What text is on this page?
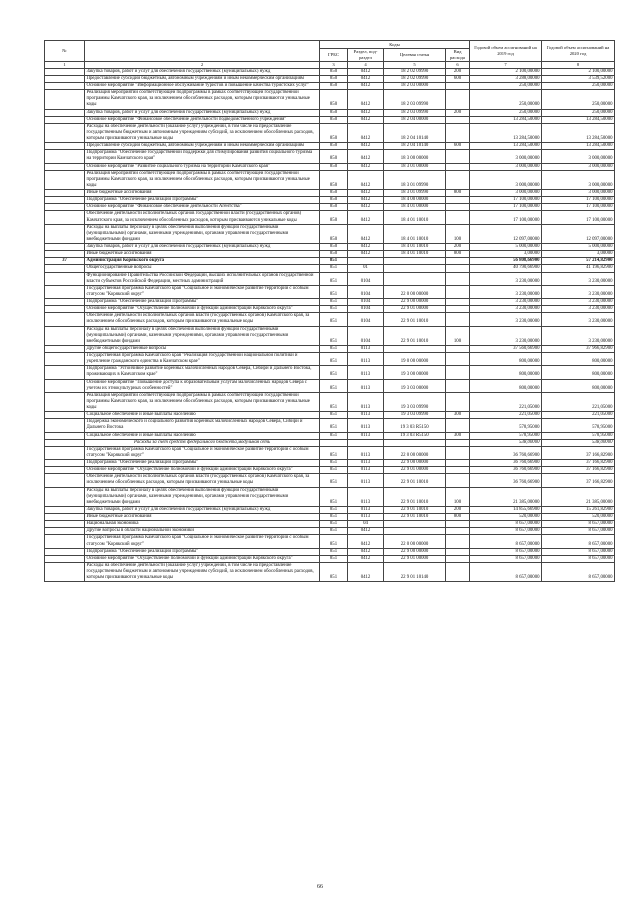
№		Коды				Годовой объем ассигнований на 2019 год	Годовой объем ассигнований на 2020 год
		ГРБС	Раздел, под-раздел	Целевая статья	Вид расхода		
1	2	3	4	5	6	7	8
	Закупка товаров, работ и услуг для обеспечения государственных (муниципальных) нужд	850	0412	18 2 02 09990	200	2 100,00000	2 100,00000
	Предоставление субсидий бюджетным, автономным учреждениям и иным некоммерческим организациям	850	0412	18 2 02 09990	600	3 288,00000	3 539,52000
	Основное мероприятие "Информационное обслуживание туристов и повышение качества туристских услуг"	850	0412	18 2 03 00000		250,00000	250,00000
	Реализация мероприятий соответствующей подпрограммы в рамках соответствующей государственной программы Камчатского края, за исключением обособленных расходов, которым присваиваются уникальные коды	850	0412	18 2 03 09990		250,00000	250,00000
	Закупка товаров, работ и услуг для обеспечения государственных (муниципальных) нужд	850	0412	18 2 03 09990	200	250,00000	250,00000
	Основное мероприятие "Финансовое обеспечение деятельности подведомственного учреждения"	850	0412	18 2 04 00000		13 284,50000	13 284,50000
	Расходы на обеспечение деятельности (оказание услуг) учреждений, в том числе на предоставление государственным бюджетным и автономным учреждениям субсидий, за исключением обособленных расходов, которым присваиваются уникальные коды	850	0412	18 2 04 10140		13 284,50000	13 284,50000
	Предоставление субсидий бюджетным, автономным учреждениям и иным некоммерческим организациям	850	0412	18 2 04 10140	600	13 284,50000	13 284,50000
	Подпрограмма "Обеспечение государственной поддержки для стимулирования развития социального туризма на территории Камчатского края"	850	0412	18 3 00 00000		3 000,00000	3 000,00000
	Основное мероприятие "Развитие социального туризма на территории Камчатского края"	850	0412	18 3 01 00000		3 000,00000	3 000,00000
	Реализация мероприятий соответствующей подпрограммы в рамках соответствующей государственной программы Камчатского края, за исключением обособленных расходов, которым присваиваются уникальные коды	850	0412	18 3 01 09990		3 000,00000	3 000,00000
	Иные бюджетные ассигнования	850	0412	18 3 01 09990	800	3 000,00000	3 000,00000
	Подпрограмма "Обеспечение реализации Программы"	850	0412	18 4 00 00000		17 100,00000	17 100,00000
	Основное мероприятие "Финансовое обеспечение деятельности Агентства"	850	0412	18 4 01 00000		17 100,00000	17 100,00000
	Обеспечение деятельности исполнительных органов государственной власти (государственных органов) Камчатского края, за исключением обособленных расходов, которым присваиваются уникальные коды	850	0412	18 4 01 10010		17 100,00000	17 100,00000
	Расходы на выплаты персоналу в целях обеспечения выполнения функций государственными (муниципальными) органами, казенными учреждениями, органами управления государственными внебюджетными фондами	850	0412	18 4 01 10010	100	12 097,00000	12 097,00000
	Закупка товаров, работ и услуг для обеспечения государственных (муниципальных) нужд	850	0412	18 4 01 10010	200	5 000,00000	5 000,00000
	Иные бюджетные ассигнования	850	0412	18 4 01 10010	800	3,00000	3,00000
37	Администрация Корякского округа	851				56 808,66900	57 214,82900
	Общегосударственные вопросы	851	01			40 790,66900	41 196,82900
	Функционирование Правительства Российской Федерации, высших исполнительных органов государственной власти субъектов Российской Федерации, местных администраций	851	0104			3 230,00000	3 230,00000
	Государственная программа Камчатского края "Социальное и экономическое развитие территории с особым статусом "Корякский округ"	851	0104	22 0 00 00000		3 230,00000	3 230,00000
	Подпрограмма "Обеспечение реализации Программы"	851	0104	22 9 00 00000		3 230,00000	3 230,00000
	Основное мероприятие "Осуществление полномочий и функций администрации Корякского округа"	851	0104	22 9 01 00000		3 230,00000	3 230,00000
	Обеспечение деятельности исполнительных органов власти (государственных органов) Камчатского края, за исключением обособленных расходов, которым присваиваются уникальные коды	851	0104	22 9 01 10010		3 230,00000	3 230,00000
	Расходы на выплаты персоналу в целях обеспечения выполнения функций государственными (муниципальными) органами, казенными учреждениями, органами управления государственными внебюджетными фондами	851	0104	22 9 01 10010	100	3 230,00000	3 230,00000
	Другие общегосударственные вопросы	851	0113			37 560,66900	37 966,82900
	Государственная программа Камчатского края "Реализация государственной национальной политики и укрепление гражданского единства в Камчатском крае"	851	0113	19 0 00 00000		800,00000	800,00000
	Подпрограмма "Устойчивое развитие коренных малочисленных народов Севера, Сибири и Дальнего Востока, проживающих в Камчатском крае"	851	0113	19 3 00 00000		800,00000	800,00000
	Основное мероприятие "Повышение доступа к образовательным услугам малочисленных народов Севера с учетом их этнокультурных особенностей"	851	0113	19 3 03 00000		800,00000	800,00000
	Реализация мероприятий соответствующей подпрограммы в рамках соответствующей государственной программы Камчатского края, за исключением обособленных расходов, которым присваиваются уникальные коды	851	0113	19 3 03 09990		221,05000	221,05000
	Социальное обеспечение и иные выплаты населению	851	0113	19 3 03 09990	300	221,05000	221,05000
	Поддержка экономического и социального развития коренных малочисленных народов Севера, Сибири и Дальнего Востока	851	0113	19 3 03 R5150		578,95000	578,95000
	Социальное обеспечение и иные выплаты населению	851	0113	19 3 03 R5150	300	578,95000	578,95000
	Расходы за счет средств федерального бюджета,модульная сеть					538,00000	538,00000
	Государственная программа Камчатского края "Социальное и экономическое развитие территории с особым статусом "Корякский округ"	851	0113	22 0 00 00000		36 760,66900	37 166,82900
	Подпрограмма "Обеспечение реализации Программы"	851	0113	22 9 00 00000		36 760,66900	37 166,82900
	Основное мероприятие "Осуществление полномочий и функций администрации Корякского округа"	851	0113	22 9 01 00000		36 760,66900	37 166,82900
	Обеспечение деятельности исполнительных органов власти (государственных органов) Камчатского края, за исключением обособленных расходов, которым присваиваются уникальные коды	851	0113	22 9 01 10010		36 760,66900	37 166,82900
	Расходы на выплаты персоналу в целях обеспечения выполнения функций государственными (муниципальными) органами, казенными учреждениями, органами управления государственными внебюджетными фондами	851	0113	22 9 01 10010	100	21 385,00000	21 385,00000
	Закупка товаров, работ и услуг для обеспечения государственных (муниципальных) нужд	851	0113	22 9 01 10010	200	14 855,66900	15 261,82900
	Иные бюджетные ассигнования	851	0113	22 9 01 10010	800	520,00000	520,00000
	Национальная экономика	851	04			8 657,00000	8 657,00000
	Другие вопросы в области национальной экономики	851	0412			8 657,00000	8 657,00000
	Государственная программа Камчатского края "Социальное и экономическое развитие территории с особым статусом "Корякский округ"	851	0412	22 0 00 00000		8 657,00000	8 657,00000
	Подпрограмма "Обеспечение реализации Программы"	851	0412	22 9 00 00000		8 657,00000	8 657,00000
	Основное мероприятие "Осуществление полномочий и функций администрации Корякского округа"	851	0412	22 9 01 00000		8 657,00000	8 657,00000
	Расходы на обеспечение деятельности (оказание услуг) учреждений, в том числе на предоставление государственным бюджетным и автономным учреждениям субсидий, за исключением обособленных расходов, которым присваиваются уникальные коды	851	0412	22 9 01 10140		8 657,00000	8 657,00000
66
